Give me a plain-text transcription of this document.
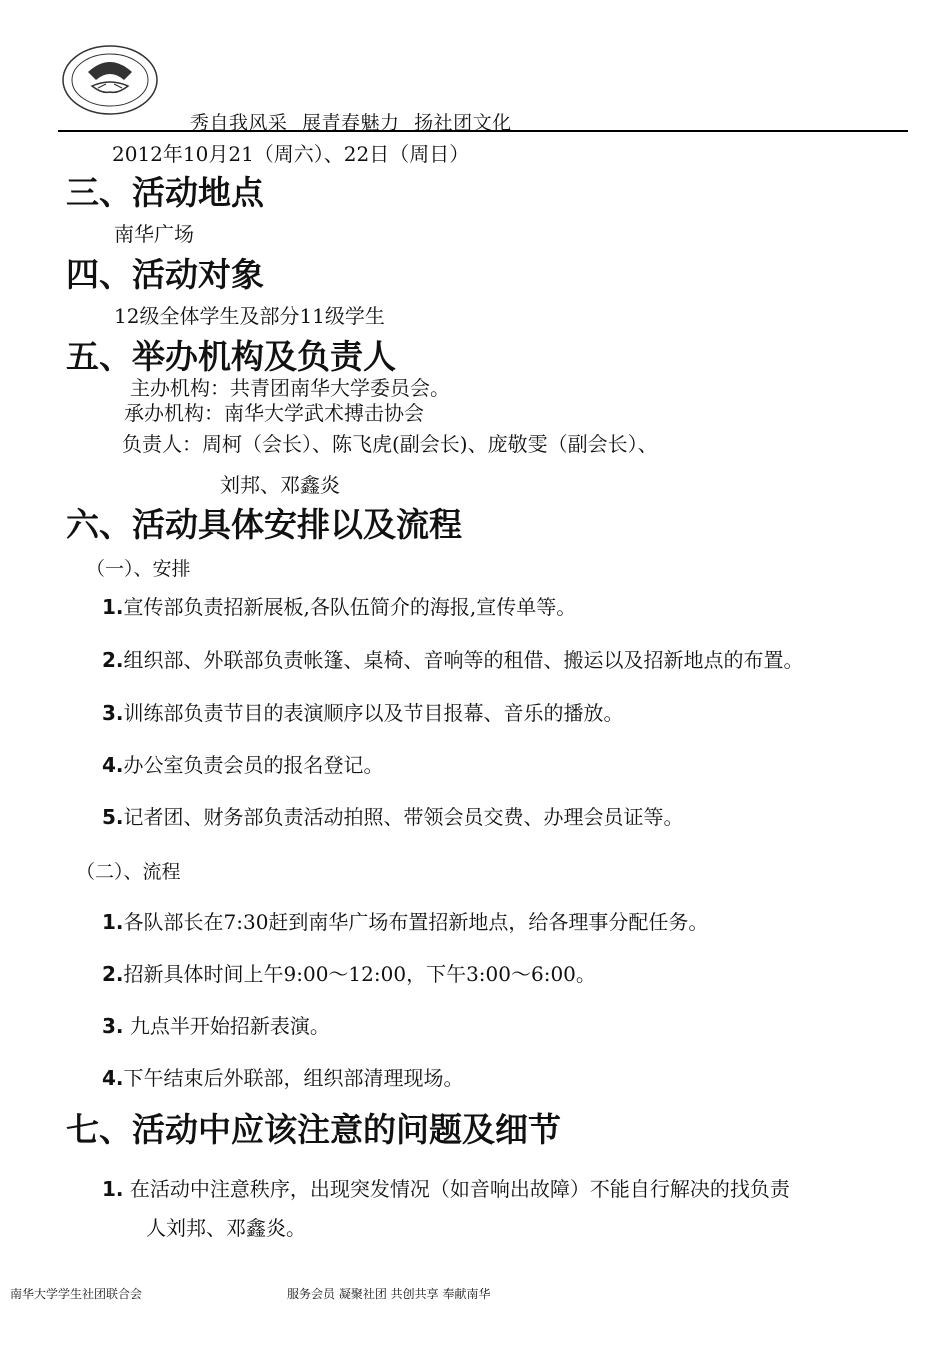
秀自我风采 展青春魅力 扬社团文化
2012年10月21（周六）、22日（周日）
三、活动地点
南华广场
四、活动对象
12级全体学生及部分11级学生
五、举办机构及负责人
主办机构：共青团南华大学委员会。
承办机构：南华大学武术搏击协会
负责人：周柯（会长）、陈飞虎(副会长)、庞敬雯（副会长）、
刘邦、邓鑫炎
六、活动具体安排以及流程
（一）、安排
1.宣传部负责招新展板,各队伍简介的海报,宣传单等。
2.组织部、外联部负责帐篷、桌椅、音响等的租借、搬运以及招新地点的布置。
3.训练部负责节目的表演顺序以及节目报幕、音乐的播放。
4.办公室负责会员的报名登记。
5.记者团、财务部负责活动拍照、带领会员交费、办理会员证等。
（二）、流程
1.各队部长在7:30赶到南华广场布置招新地点，给各理事分配任务。
2.招新具体时间上午9:00～12:00，下午3:00～6:00。
3. 九点半开始招新表演。
4.下午结束后外联部，组织部清理现场。
七、活动中应该注意的问题及细节
1. 在活动中注意秩序，出现突发情况（如音响出故障）不能自行解决的找负责
人刘邦、邓鑫炎。
南华大学学生社团联合会	服务会员 凝聚社团 共创共享 奉献南华
